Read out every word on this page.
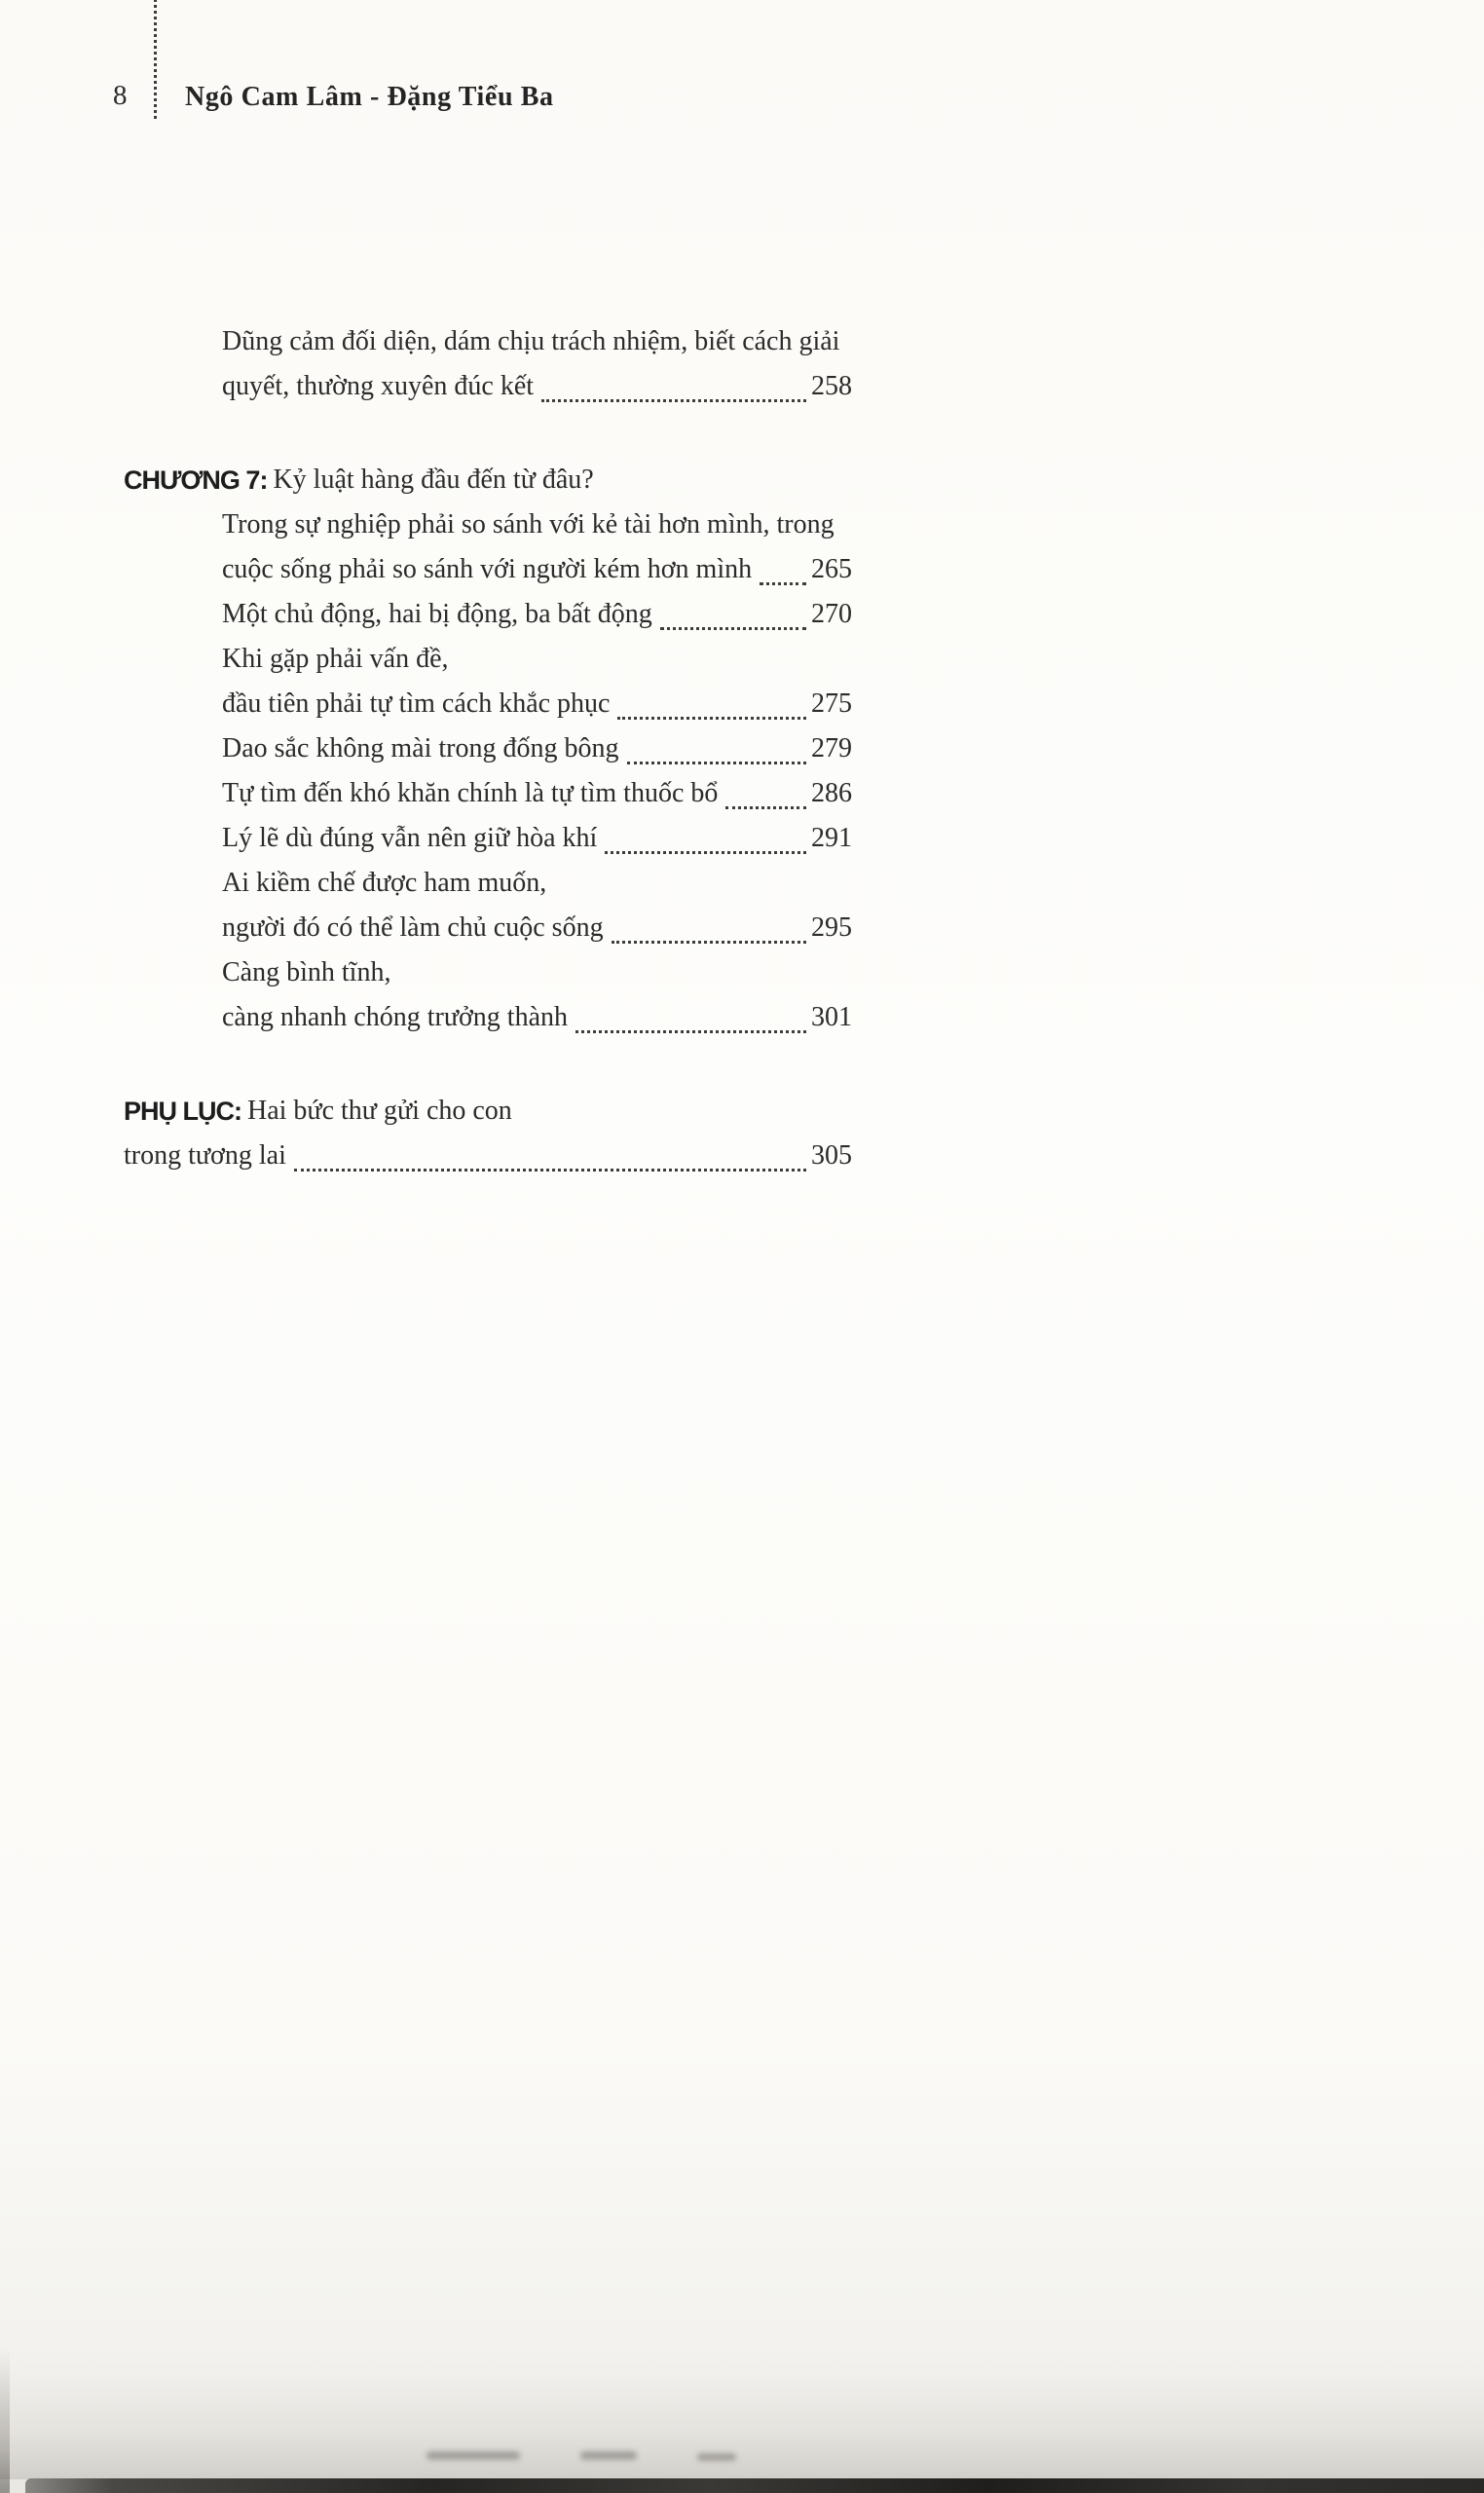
8 Ngô Cam Lâm - Đặng Tiểu Ba
Dũng cảm đối diện, dám chịu trách nhiệm, biết cách giải
quyết, thường xuyên đúc kết	258
CHƯƠNG 7: Kỷ luật hàng đầu đến từ đâu?
Trong sự nghiệp phải so sánh với kẻ tài hơn mình, trong
cuộc sống phải so sánh với người kém hơn mình 265
Một chủ động, hai bị động, ba bất động	270
Khi gặp phải vấn đề,
đầu tiên phải tự tìm cách khắc phục	275
Dao sắc không mài trong đống bông	279
Tự tìm đến khó khăn chính là tự tìm thuốc bổ	286
Lý lẽ dù đúng vẫn nên giữ hòa khí	291
Ai kiềm chế được ham muốn,
người đó có thể làm chủ cuộc sống	295
Càng bình tĩnh,
càng nhanh chóng trưởng thành	301
PHỤ LỤC: Hai bức thư gửi cho con
trong tương lai	305
